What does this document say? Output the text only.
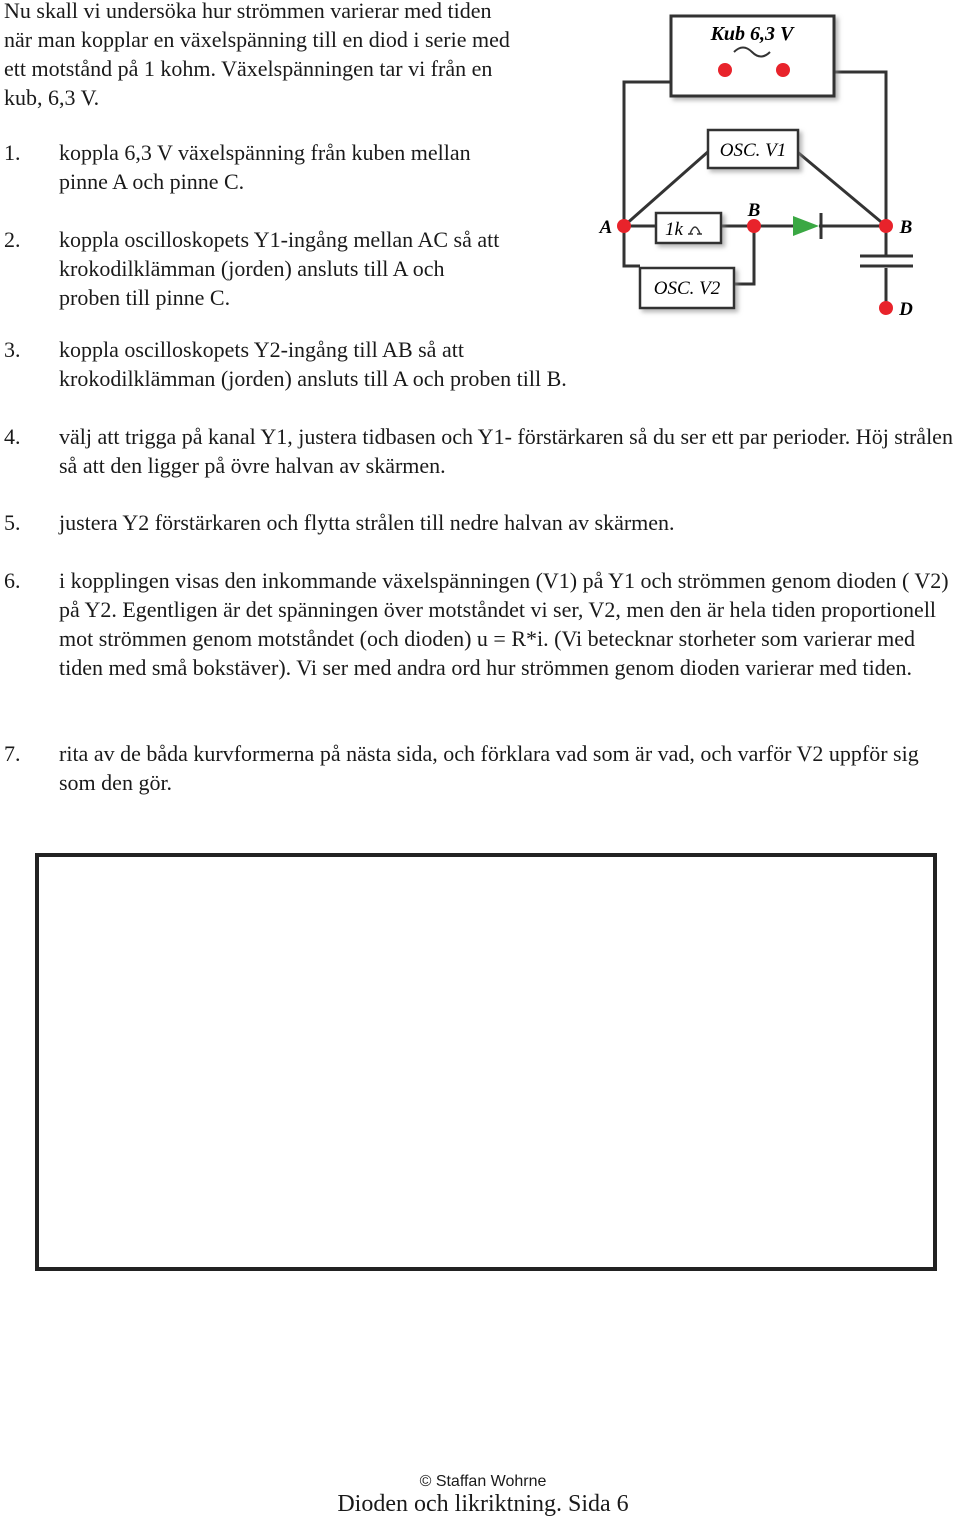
Nu skall vi undersöka hur strömmen varierar med tiden när man kopplar en växelspänning till en diod i serie med ett motstånd på 1 kohm. Växelspänningen tar vi från en kub, 6,3 V.
1.	koppla 6,3 V växelspänning från kuben mellan pinne A och pinne C.
2.	koppla oscilloskopets Y1-ingång mellan AC så att krokodilklämman (jorden) ansluts till A och proben till pinne C.
3.	koppla oscilloskopets Y2-ingång till AB så att krokodilklämman (jorden) ansluts till A och proben till B.
4.	välj att trigga på kanal Y1, justera tidbasen och Y1- förstärkaren så du ser ett par perioder. Höj strålen så att den ligger på övre halvan av skärmen.
5.	justera Y2 förstärkaren och flytta strålen till nedre halvan av skärmen.
6.	i kopplingen visas den inkommande växelspänningen (V1) på Y1 och strömmen genom dioden ( V2) på Y2. Egentligen är det spänningen över motståndet vi ser, V2, men den är hela tiden proportionell mot strömmen genom motståndet (och dioden) u = R*i. (Vi betecknar storheter som varierar med tiden med små bokstäver). Vi ser med andra ord hur strömmen genom dioden varierar med tiden.
7.	rita av de båda kurvformerna på nästa sida, och förklara vad som är vad, och varför V2 uppför sig som den gör.
Kub 6,3 V
OSC. V1
1k
OSC. V2
A
B
B
D
© Staffan Wohrne
Dioden och likriktning. Sida 6
